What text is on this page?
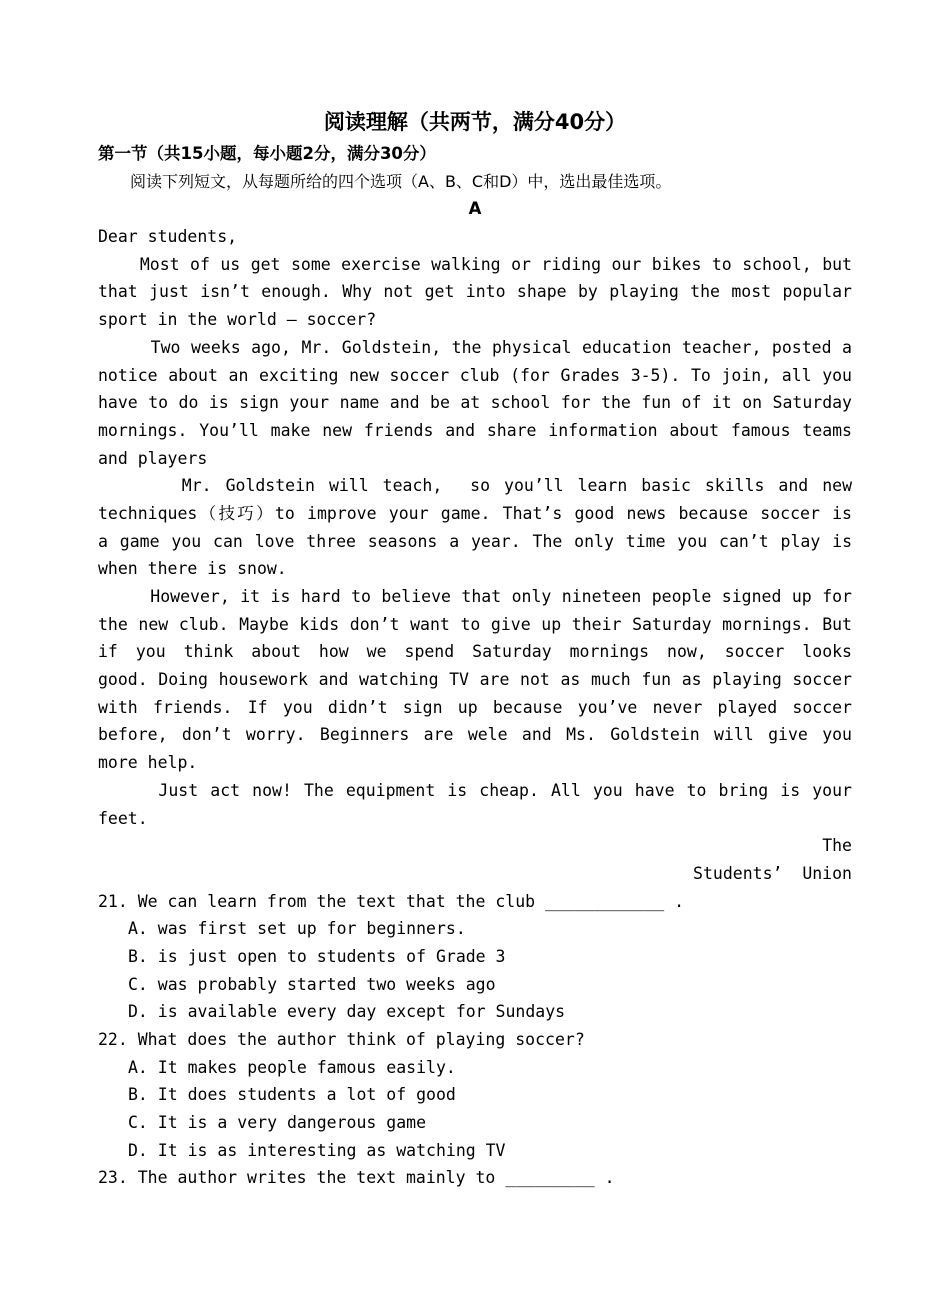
阅读理解（共两节，满分40分）
第一节（共15小题，每小题2分，满分30分）
阅读下列短文，从每题所给的四个选项（A、B、C和D）中，选出最佳选项。
A
Dear students,
Most of us get some exercise walking or riding our bikes to school, but
that just isn’t enough. Why not get into shape by playing the most popular
sport in the world — soccer?
Two weeks ago, Mr. Goldstein, the physical education teacher, posted a
notice about an exciting new soccer club (for Grades 3-5). To join, all you
have to do is sign your name and be at school for the fun of it on Saturday
mornings. You’ll make new friends and share information about famous teams
and players
Mr. Goldstein will teach,  so you’ll learn basic skills and new
techniques（技巧）to improve your game. That’s good news because soccer is
a game you can love three seasons a year. The only time you can’t play is
when there is snow.
However, it is hard to believe that only nineteen people signed up for
the new club. Maybe kids don’t want to give up their Saturday mornings. But
if you think about how we spend Saturday mornings now, soccer looks
good. Doing housework and watching TV are not as much fun as playing soccer
with friends. If you didn’t sign up because you’ve never played soccer
before, don’t worry. Beginners are wele and Ms. Goldstein will give you
more help.
Just act now! The equipment is cheap. All you have to bring is your
feet.
The
Students’  Union
21. We can learn from the text that the club ____________ .
A. was first set up for beginners.
B. is just open to students of Grade 3
C. was probably started two weeks ago
D. is available every day except for Sundays
22. What does the author think of playing soccer?
A. It makes people famous easily.
B. It does students a lot of good
C. It is a very dangerous game
D. It is as interesting as watching TV
23. The author writes the text mainly to _________ .
